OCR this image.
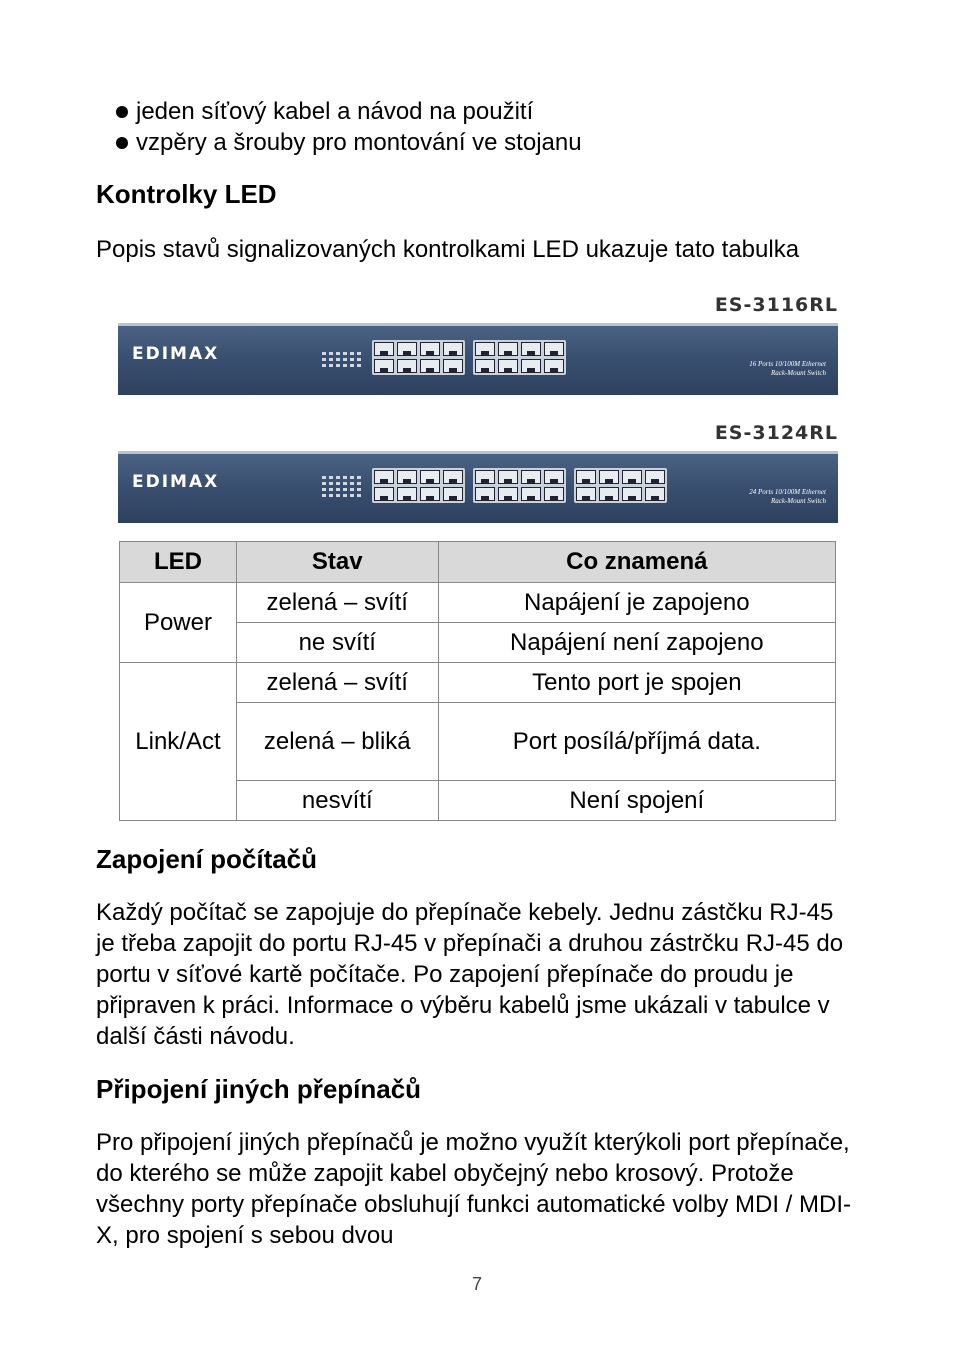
jeden síťový kabel a návod na použití
vzpěry a šrouby pro montování ve stojanu
Kontrolky LED

Popis stavů signalizovaných kontrolkami LED ukazuje tato tabulka

ES-3116RL
EDIMAX	16 Ports 10/100M Ethernet
Rack-Mount Switch
ES-3124RL
EDIMAX	24 Ports 10/100M Ethernet
Rack-Mount Switch
LED	Stav	Co znamená
Power	zelená – svítí	Napájení je zapojeno
	ne svítí	Napájení není zapojeno
Link/Act	zelená – svítí	Tento port je spojen
	zelená – bliká	Port posílá/příjmá data.
	nesvítí	Není spojení
Zapojení počítačů

Každý počítač se zapojuje do přepínače kebely. Jednu zástčku RJ-45 je třeba zapojit do portu RJ-45 v přepínači a druhou zástrčku RJ-45 do portu v síťové kartě počítače. Po zapojení přepínače do proudu je připraven k práci. Informace o výběru kabelů jsme ukázali v tabulce v další části návodu.

Připojení jiných přepínačů

Pro připojení jiných přepínačů je možno využít kterýkoli port přepínače, do kterého se může zapojit kabel obyčejný nebo krosový. Protože všechny porty přepínače obsluhují funkci automatické volby MDI / MDI-X, pro spojení s sebou dvou

7
